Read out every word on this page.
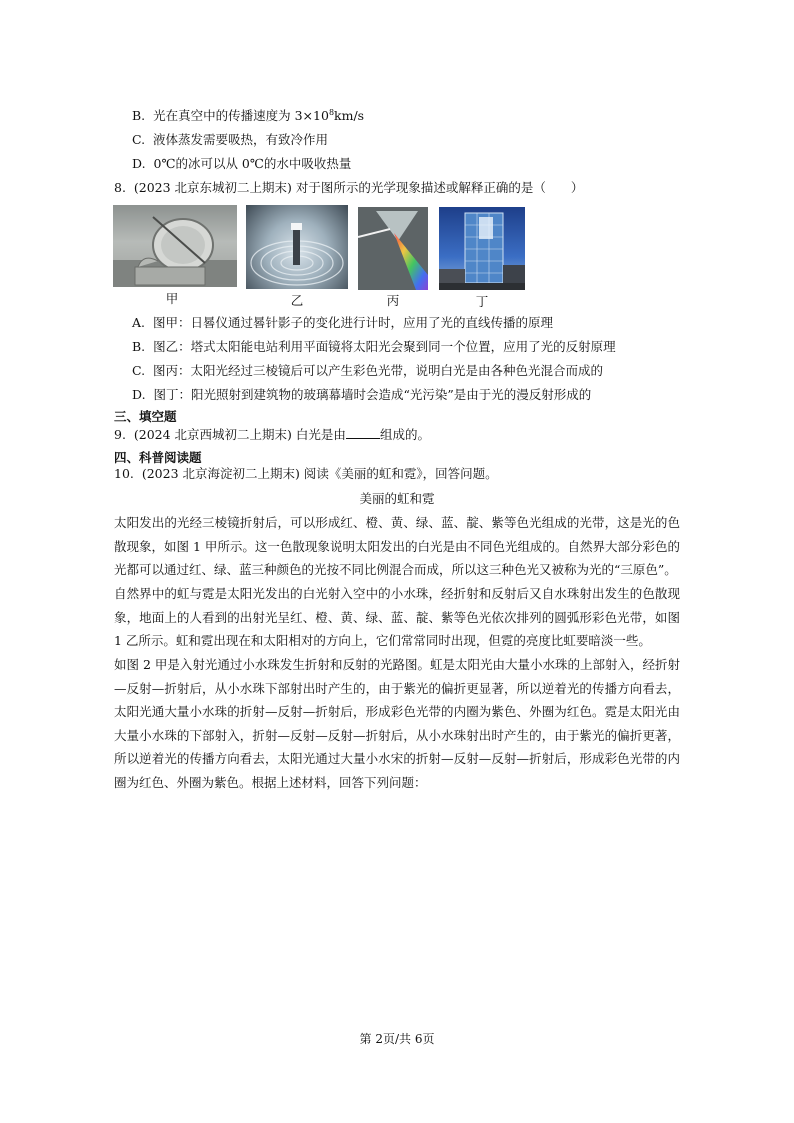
B. 光在真空中的传播速度为 $3\times 10^8km/s$
C. 液体蒸发需要吸热，有致冷作用
D. 0℃的冰可以从 0℃的水中吸收热量
8. (2023 北京东城初二上期末) 对于图所示的光学现象描述或解释正确的是（　　）
甲	乙	丙	丁
A. 图甲：日晷仪通过晷针影子的变化进行计时，应用了光的直线传播的原理
B. 图乙：塔式太阳能电站利用平面镜将太阳光会聚到同一个位置，应用了光的反射原理
C. 图丙：太阳光经过三棱镜后可以产生彩色光带，说明白光是由各种色光混合而成的
D. 图丁：阳光照射到建筑物的玻璃幕墙时会造成“光污染”是由于光的漫反射形成的
三、填空题
9. (2024 北京西城初二上期末) 白光是由	组成的。
四、科普阅读题
10. (2023 北京海淀初二上期末) 阅读《美丽的虹和霓》，回答问题。
美丽的虹和霓
太阳发出的光经三棱镜折射后，可以形成红、橙、黄、绿、蓝、靛、紫等色光组成的光带，这是光的色散现象，如图 1 甲所示。这一色散现象说明太阳发出的白光是由不同色光组成的。自然界大部分彩色的光都可以通过红、绿、蓝三种颜色的光按不同比例混合而成，所以这三种色光又被称为光的“三原色”。
自然界中的虹与霓是太阳光发出的白光射入空中的小水珠，经折射和反射后又自水珠射出发生的色散现象，地面上的人看到的出射光呈红、橙、黄、绿、蓝、靛、紫等色光依次排列的圆弧形彩色光带，如图 1 乙所示。虹和霓出现在和太阳相对的方向上，它们常常同时出现，但霓的亮度比虹要暗淡一些。
如图 2 甲是入射光通过小水珠发生折射和反射的光路图。虹是太阳光由大量小水珠的上部射入，经折射—反射—折射后，从小水珠下部射出时产生的，由于紫光的偏折更显著，所以逆着光的传播方向看去，太阳光通大量小水珠的折射—反射—折射后，形成彩色光带的内圈为紫色、外圈为红色。霓是太阳光由大量小水珠的下部射入，折射—反射—反射—折射后，从小水珠射出时产生的，由于紫光的偏折更著，所以逆着光的传播方向看去，太阳光通过大量小水宋的折射—反射—反射—折射后，形成彩色光带的内圈为红色、外圈为紫色。根据上述材料，回答下列问题：
第 2页/共 6页
